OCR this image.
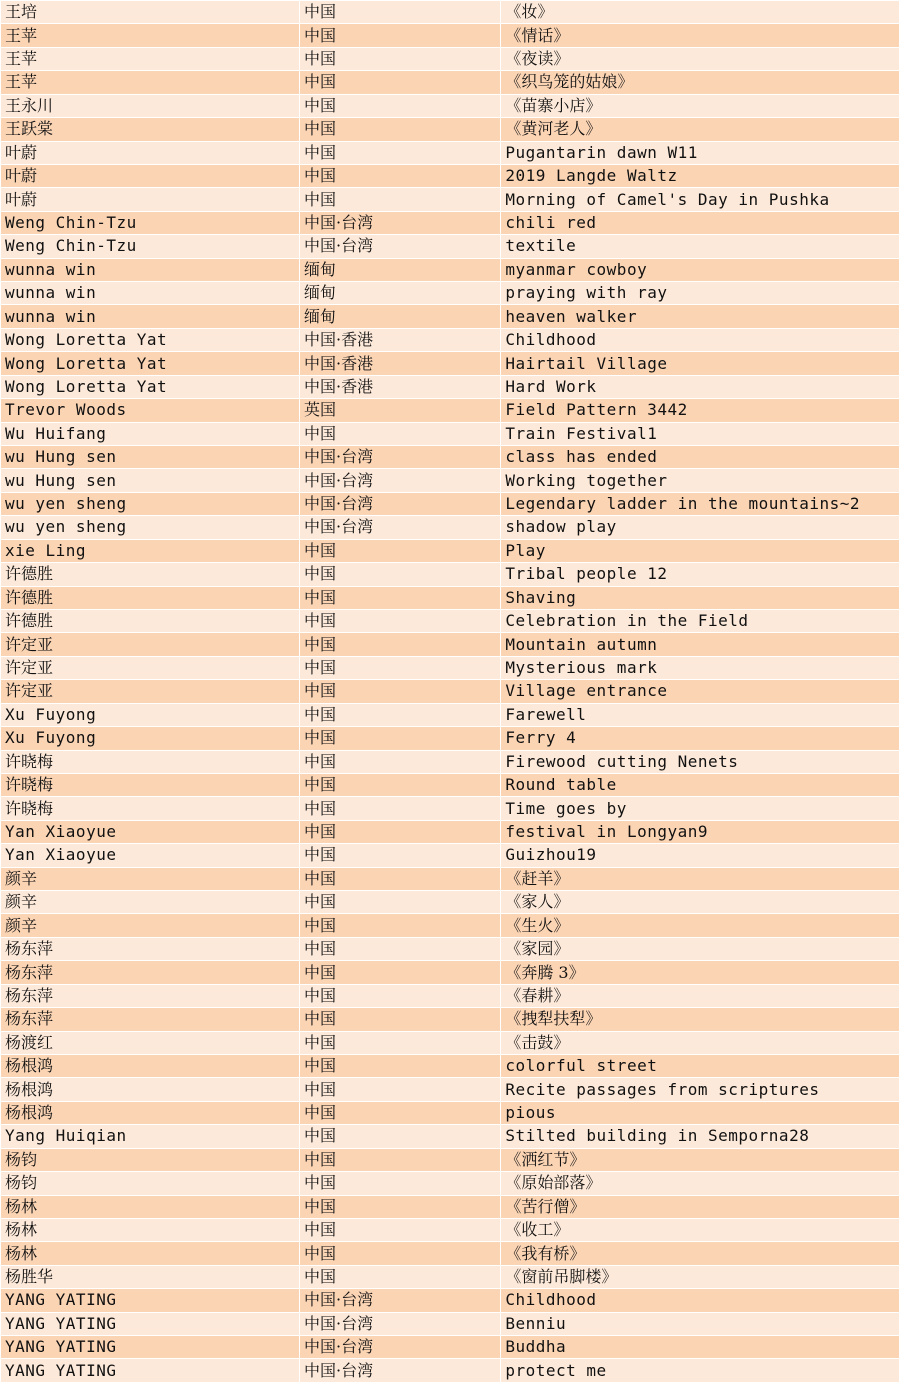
王培	中国	《妆》
王苹	中国	《情话》
王苹	中国	《夜读》
王苹	中国	《织鸟笼的姑娘》
王永川	中国	《苗寨小店》
王跃棠	中国	《黄河老人》
叶蔚	中国	Pugantarin dawn W11
叶蔚	中国	2019 Langde Waltz
叶蔚	中国	Morning of Camel's Day in Pushka
Weng Chin-Tzu	中国·台湾	chili red
Weng Chin-Tzu	中国·台湾	textile
wunna win	缅甸	myanmar cowboy
wunna win	缅甸	praying with ray
wunna win	缅甸	heaven walker
Wong Loretta Yat	中国·香港	Childhood
Wong Loretta Yat	中国·香港	Hairtail Village
Wong Loretta Yat	中国·香港	Hard Work
Trevor Woods	英国	Field Pattern 3442
Wu Huifang	中国	Train Festival1
wu Hung sen	中国·台湾	class has ended
wu Hung sen	中国·台湾	Working together
wu yen sheng	中国·台湾	Legendary ladder in the mountains~2
wu yen sheng	中国·台湾	shadow play
xie Ling	中国	Play
许德胜	中国	Tribal people 12
许德胜	中国	Shaving
许德胜	中国	Celebration in the Field
许定亚	中国	Mountain autumn
许定亚	中国	Mysterious mark
许定亚	中国	Village entrance
Xu Fuyong	中国	Farewell
Xu Fuyong	中国	Ferry 4
许晓梅	中国	Firewood cutting Nenets
许晓梅	中国	Round table
许晓梅	中国	Time goes by
Yan Xiaoyue	中国	festival in Longyan9
Yan Xiaoyue	中国	Guizhou19
颜辛	中国	《赶羊》
颜辛	中国	《家人》
颜辛	中国	《生火》
杨东萍	中国	《家园》
杨东萍	中国	《奔腾 3》
杨东萍	中国	《春耕》
杨东萍	中国	《拽犁扶犁》
杨渡红	中国	《击鼓》
杨根鸿	中国	colorful street
杨根鸿	中国	Recite passages from scriptures
杨根鸿	中国	pious
Yang Huiqian	中国	Stilted building in Semporna28
杨钧	中国	《洒红节》
杨钧	中国	《原始部落》
杨林	中国	《苦行僧》
杨林	中国	《收工》
杨林	中国	《我有桥》
杨胜华	中国	《窗前吊脚楼》
YANG YATING	中国·台湾	Childhood
YANG YATING	中国·台湾	Benniu
YANG YATING	中国·台湾	Buddha
YANG YATING	中国·台湾	protect me
